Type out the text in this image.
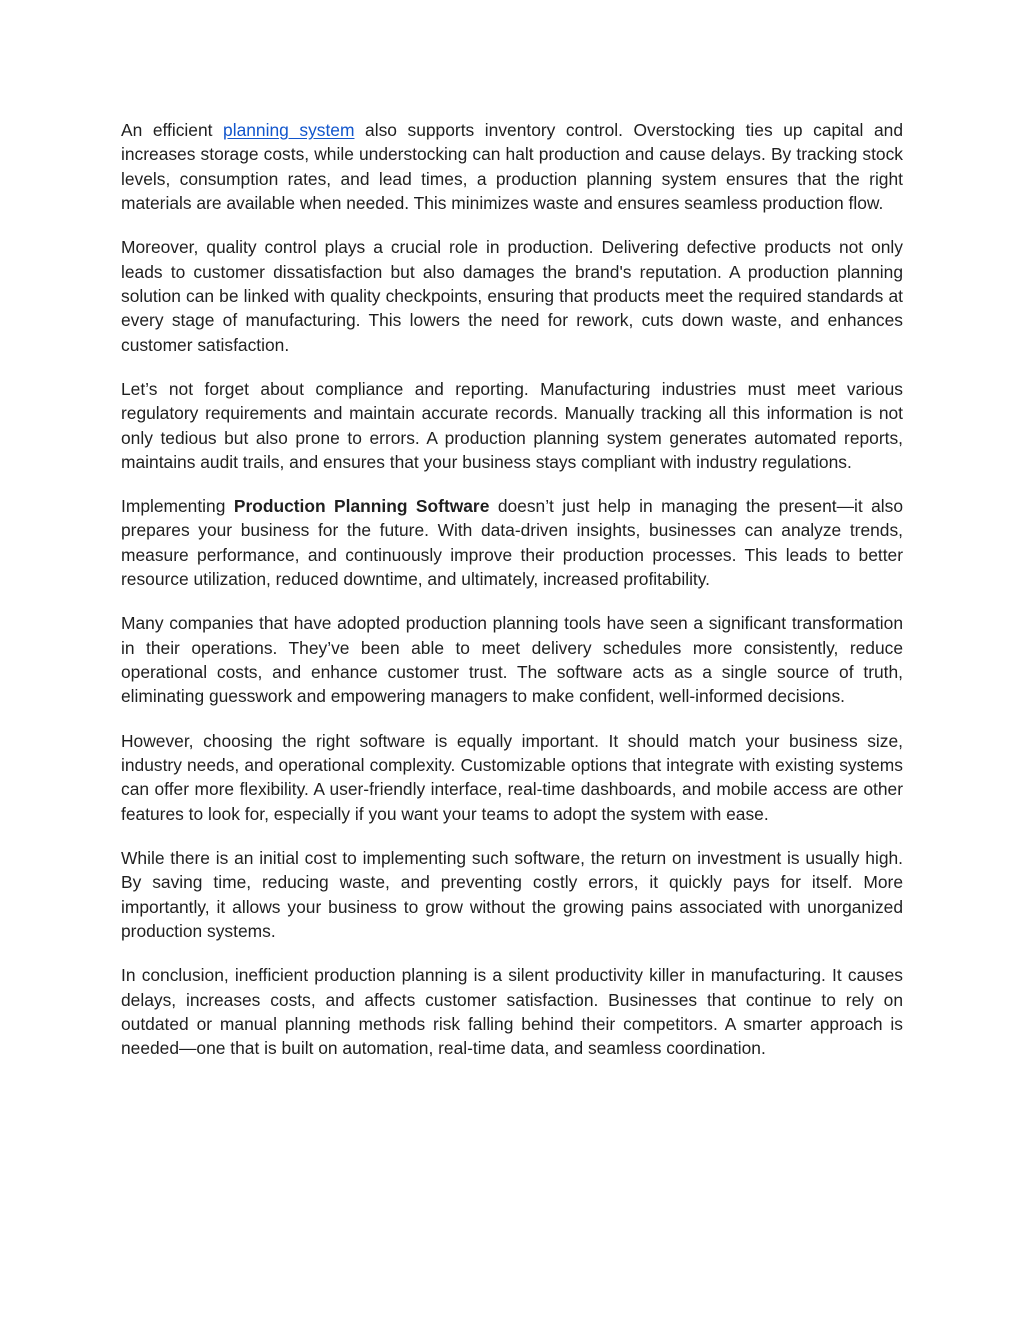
An efficient planning system also supports inventory control. Overstocking ties up capital and increases storage costs, while understocking can halt production and cause delays. By tracking stock levels, consumption rates, and lead times, a production planning system ensures that the right materials are available when needed. This minimizes waste and ensures seamless production flow.

Moreover, quality control plays a crucial role in production. Delivering defective products not only leads to customer dissatisfaction but also damages the brand's reputation. A production planning solution can be linked with quality checkpoints, ensuring that products meet the required standards at every stage of manufacturing. This lowers the need for rework, cuts down waste, and enhances customer satisfaction.

Let’s not forget about compliance and reporting. Manufacturing industries must meet various regulatory requirements and maintain accurate records. Manually tracking all this information is not only tedious but also prone to errors. A production planning system generates automated reports, maintains audit trails, and ensures that your business stays compliant with industry regulations.

Implementing Production Planning Software doesn’t just help in managing the present—it also prepares your business for the future. With data-driven insights, businesses can analyze trends, measure performance, and continuously improve their production processes. This leads to better resource utilization, reduced downtime, and ultimately, increased profitability.

Many companies that have adopted production planning tools have seen a significant transformation in their operations. They’ve been able to meet delivery schedules more consistently, reduce operational costs, and enhance customer trust. The software acts as a single source of truth, eliminating guesswork and empowering managers to make confident, well-informed decisions.

However, choosing the right software is equally important. It should match your business size, industry needs, and operational complexity. Customizable options that integrate with existing systems can offer more flexibility. A user-friendly interface, real-time dashboards, and mobile access are other features to look for, especially if you want your teams to adopt the system with ease.

While there is an initial cost to implementing such software, the return on investment is usually high. By saving time, reducing waste, and preventing costly errors, it quickly pays for itself. More importantly, it allows your business to grow without the growing pains associated with unorganized production systems.

In conclusion, inefficient production planning is a silent productivity killer in manufacturing. It causes delays, increases costs, and affects customer satisfaction. Businesses that continue to rely on outdated or manual planning methods risk falling behind their competitors. A smarter approach is needed—one that is built on automation, real-time data, and seamless coordination.
